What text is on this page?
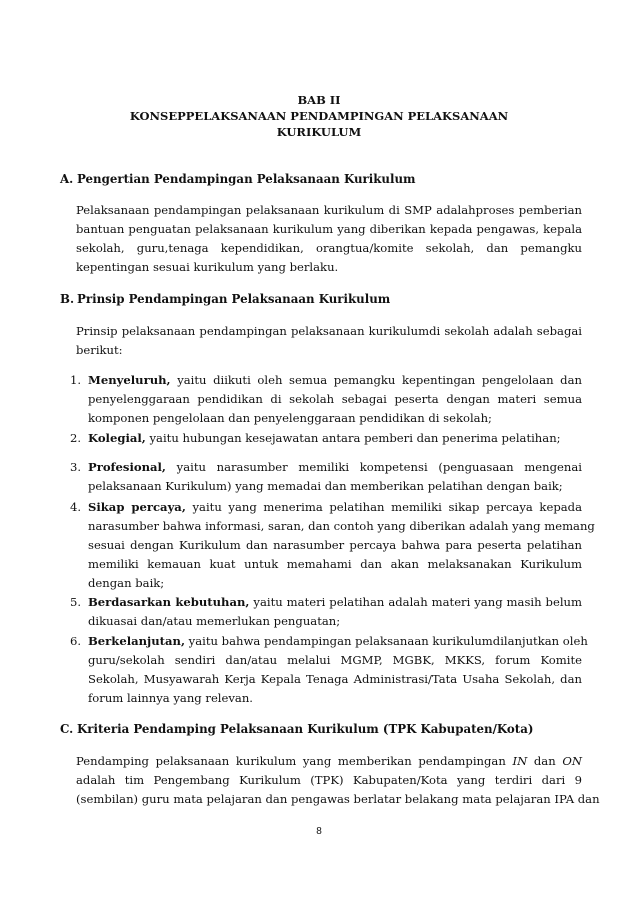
BAB II
KONSEPPELAKSANAAN PENDAMPINGAN PELAKSANAAN
KURIKULUM
A. Pengertian Pendampingan Pelaksanaan Kurikulum
Pelaksanaan pendampingan pelaksanaan kurikulum di SMP adalahproses pemberian
bantuan penguatan pelaksanaan kurikulum yang diberikan kepada pengawas, kepala
sekolah, guru,tenaga kependidikan, orangtua/komite sekolah, dan pemangku
kepentingan sesuai kurikulum yang berlaku.
B. Prinsip Pendampingan Pelaksanaan Kurikulum
Prinsip pelaksanaan pendampingan pelaksanaan kurikulumdi sekolah adalah sebagai
berikut:
1. Menyeluruh, yaitu diikuti oleh semua pemangku kepentingan pengelolaan dan
penyelenggaraan pendidikan di sekolah sebagai peserta dengan materi semua
komponen pengelolaan dan penyelenggaraan pendidikan di sekolah;
2. Kolegial, yaitu hubungan kesejawatan antara pemberi dan penerima pelatihan;
3. Profesional, yaitu narasumber memiliki kompetensi (penguasaan mengenai
pelaksanaan Kurikulum) yang memadai dan memberikan pelatihan dengan baik;
4. Sikap percaya, yaitu yang menerima pelatihan memiliki sikap percaya kepada
narasumber bahwa informasi, saran, dan contoh yang diberikan adalah yang memang
sesuai dengan Kurikulum dan narasumber percaya bahwa para peserta pelatihan
memiliki kemauan kuat untuk memahami dan akan melaksanakan Kurikulum
dengan baik;
5. Berdasarkan kebutuhan, yaitu materi pelatihan adalah materi yang masih belum
dikuasai dan/atau memerlukan penguatan;
6. Berkelanjutan, yaitu bahwa pendampingan pelaksanaan kurikulumdilanjutkan oleh
guru/sekolah sendiri dan/atau melalui MGMP, MGBK, MKKS, forum Komite
Sekolah, Musyawarah Kerja Kepala Tenaga Administrasi/Tata Usaha Sekolah, dan
forum lainnya yang relevan.
C. Kriteria Pendamping Pelaksanaan Kurikulum (TPK Kabupaten/Kota)
Pendamping pelaksanaan kurikulum yang memberikan pendampingan IN dan ON
adalah tim Pengembang Kurikulum (TPK) Kabupaten/Kota yang terdiri dari 9
(sembilan) guru mata pelajaran dan pengawas berlatar belakang mata pelajaran IPA dan
8
